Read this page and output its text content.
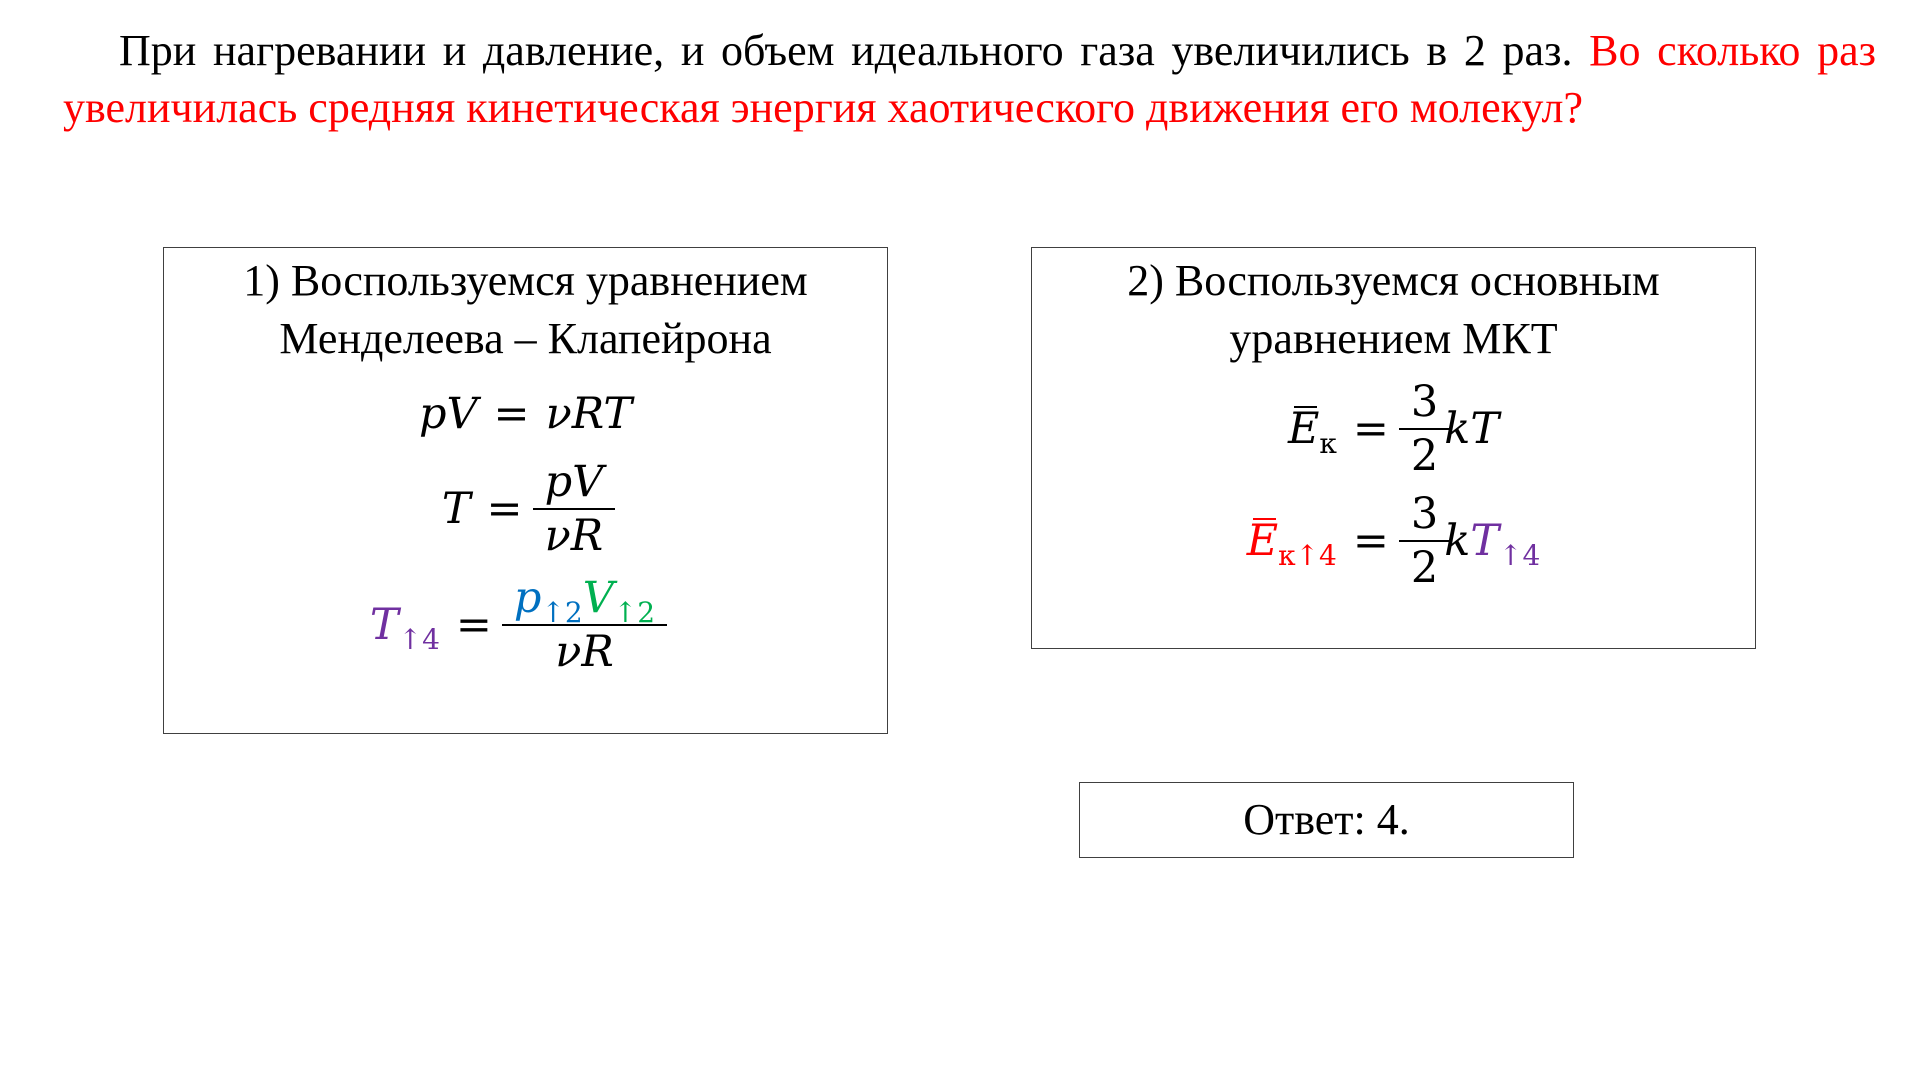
При нагревании и давление, и объем идеального газа увеличились в 2 раз. Во сколько раз увеличилась средняя кинетическая энергия хаотического движения его молекул?
1) Воспользуемся уравнением
Менделеева – Клапейрона
pV = νRT
$T = \frac{pV}{\nu R}$
$T_{↑4} = \frac{p_{↑2}V_{↑2}}{\nu R}$
2) Воспользуемся основным
уравнением МКТ
$E_к = \frac{3}{2}$ kT
$E_{к↑4} = \frac{3}{2}$ k $T_{↑4}$
Ответ: 4.
